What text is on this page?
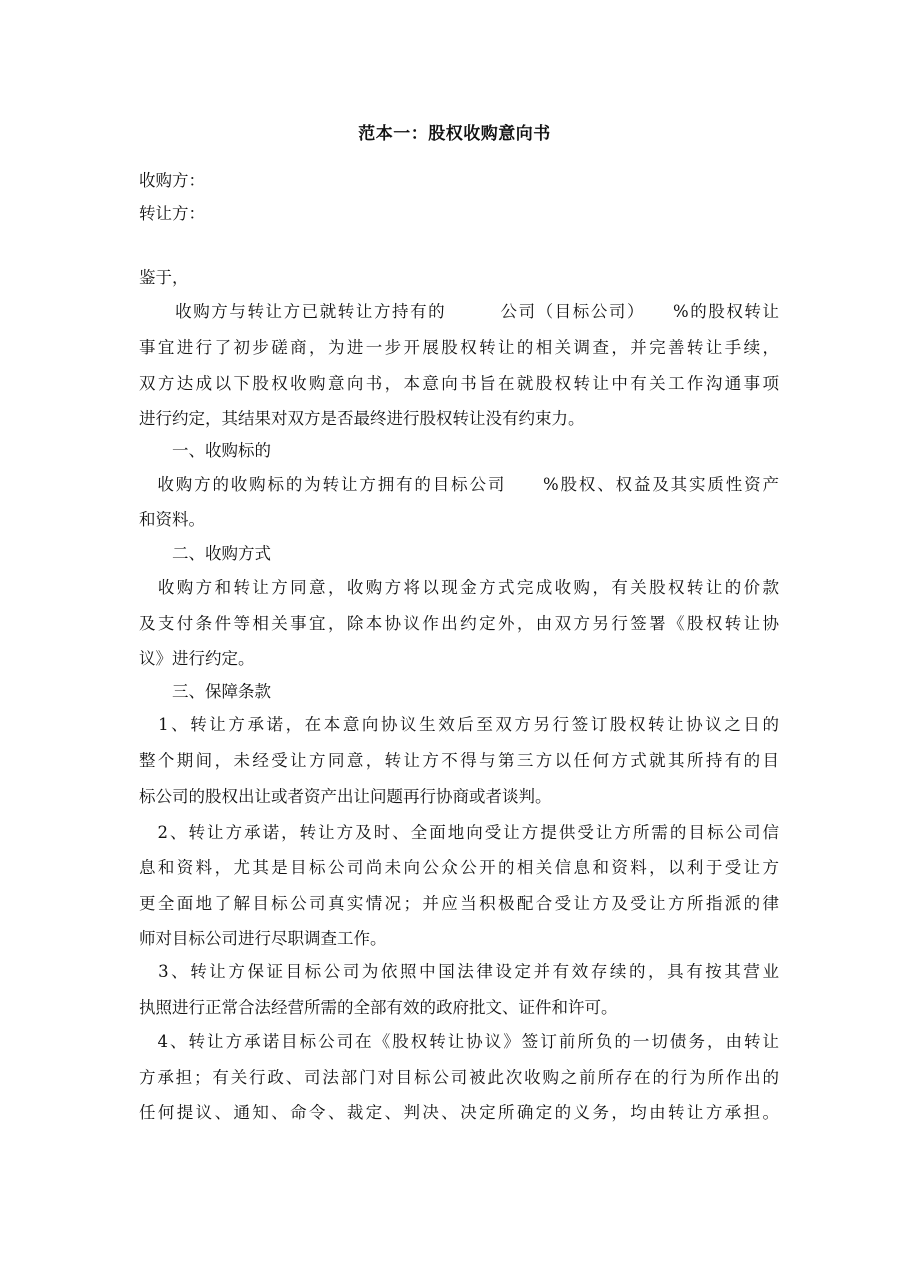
范本一：股权收购意向书
收购方：
转让方：
鉴于，
　　收购方与转让方已就转让方持有的　　　公司（目标公司）　　%的股权转让
事宜进行了初步磋商，为进一步开展股权转让的相关调查，并完善转让手续，
双方达成以下股权收购意向书，本意向书旨在就股权转让中有关工作沟通事项
进行约定，其结果对双方是否最终进行股权转让没有约束力。
　　一、收购标的
　收购方的收购标的为转让方拥有的目标公司　　%股权、权益及其实质性资产
和资料。
　　二、收购方式
　收购方和转让方同意，收购方将以现金方式完成收购，有关股权转让的价款
及支付条件等相关事宜，除本协议作出约定外，由双方另行签署《股权转让协
议》进行约定。
　　三、保障条款
　1、转让方承诺，在本意向协议生效后至双方另行签订股权转让协议之日的
整个期间，未经受让方同意，转让方不得与第三方以任何方式就其所持有的目
标公司的股权出让或者资产出让问题再行协商或者谈判。
　2、转让方承诺，转让方及时、全面地向受让方提供受让方所需的目标公司信
息和资料，尤其是目标公司尚未向公众公开的相关信息和资料，以利于受让方
更全面地了解目标公司真实情况；并应当积极配合受让方及受让方所指派的律
师对目标公司进行尽职调查工作。
　3、转让方保证目标公司为依照中国法律设定并有效存续的，具有按其营业
执照进行正常合法经营所需的全部有效的政府批文、证件和许可。
　4、转让方承诺目标公司在《股权转让协议》签订前所负的一切债务，由转让
方承担；有关行政、司法部门对目标公司被此次收购之前所存在的行为所作出的
任何提议、通知、命令、裁定、判决、决定所确定的义务，均由转让方承担。
